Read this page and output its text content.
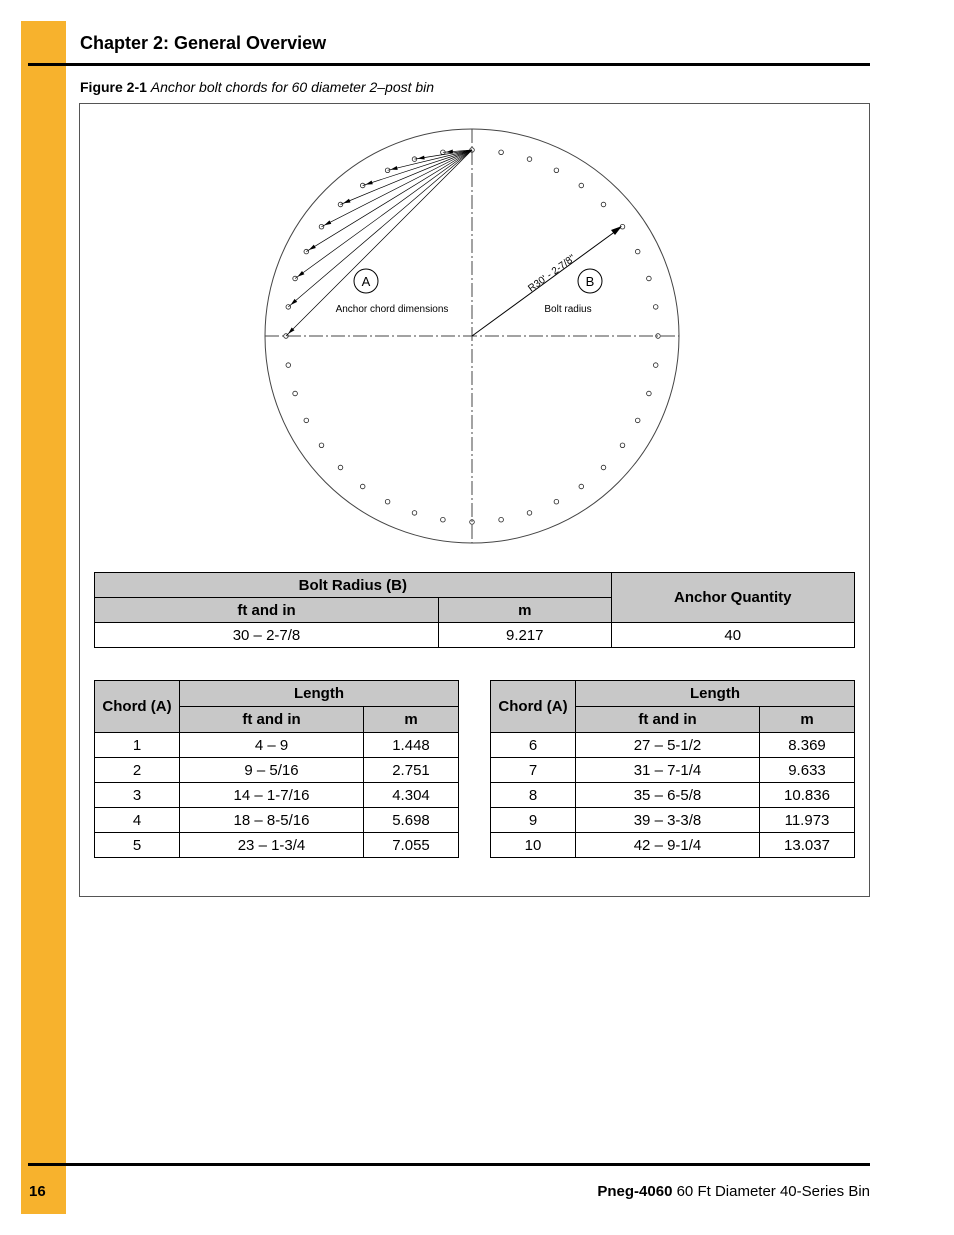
Chapter 2: General Overview
Figure 2-1 Anchor bolt chords for 60 diameter 2–post bin
A	B
Anchor chord dimensions	Bolt radius
R30' - 2-7/8"
Bolt Radius (B)		Anchor Quantity
ft and in	m	
30 – 2-7/8	9.217	40
Chord (A)	Length	
	ft and in	m
1	4 – 9	1.448
2	9 – 5/16	2.751
3	14 – 1-7/16	4.304
4	18 – 8-5/16	5.698
5	23 – 1-3/4	7.055
Chord (A)	Length	
	ft and in	m
6	27 – 5-1/2	8.369
7	31 – 7-1/4	9.633
8	35 – 6-5/8	10.836
9	39 – 3-3/8	11.973
10	42 – 9-1/4	13.037
16	Pneg-4060 60 Ft Diameter 40-Series Bin
